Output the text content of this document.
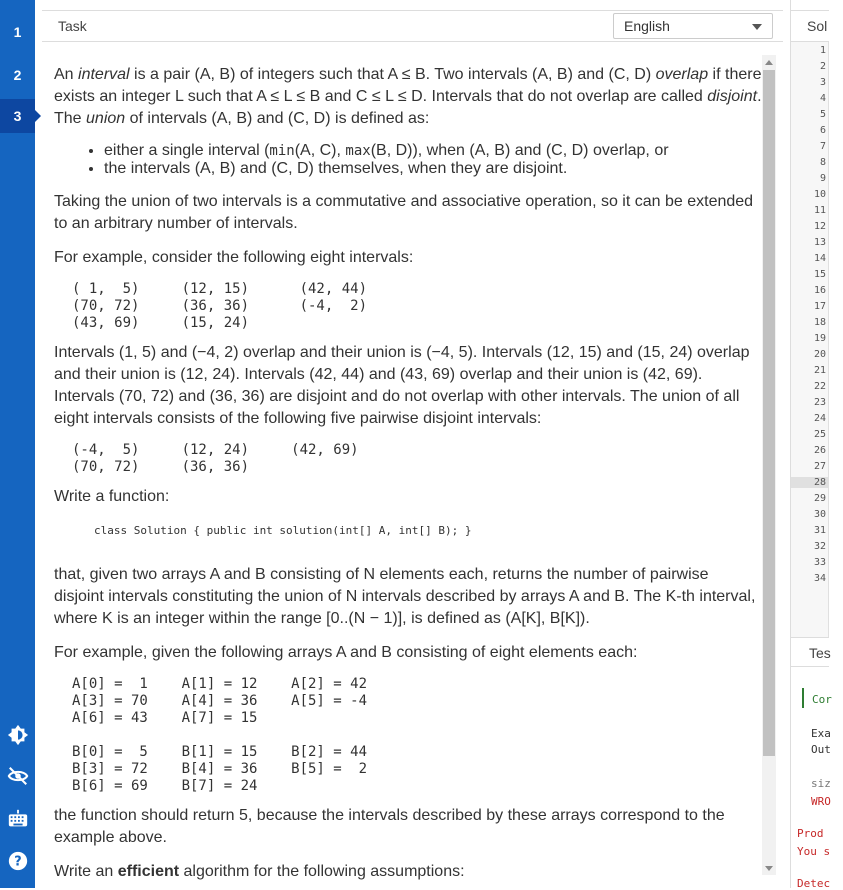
1
2
3
?
Task	English

An interval is a pair (A, B) of integers such that A ≤ B. Two intervals (A, B) and (C, D) overlap if there exists an integer L such that A ≤ L ≤ B and C ≤ L ≤ D. Intervals that do not overlap are called disjoint. The union of intervals (A, B) and (C, D) is defined as:

• either a single interval (min(A, C), max(B, D)), when (A, B) and (C, D) overlap, or
• the intervals (A, B) and (C, D) themselves, when they are disjoint.

Taking the union of two intervals is a commutative and associative operation, so it can be extended to an arbitrary number of intervals.

For example, consider the following eight intervals:

( 1,  5)     (12, 15)      (42, 44)
(70, 72)     (36, 36)      (-4,  2)
(43, 69)     (15, 24)

Intervals (1, 5) and (−4, 2) overlap and their union is (−4, 5). Intervals (12, 15) and (15, 24) overlap and their union is (12, 24). Intervals (42, 44) and (43, 69) overlap and their union is (42, 69). Intervals (70, 72) and (36, 36) are disjoint and do not overlap with other intervals. The union of all eight intervals consists of the following five pairwise disjoint intervals:

(-4,  5)     (12, 24)     (42, 69)
(70, 72)     (36, 36)

Write a function:

class Solution { public int solution(int[] A, int[] B); }

that, given two arrays A and B consisting of N elements each, returns the number of pairwise disjoint intervals constituting the union of N intervals described by arrays A and B. The K-th interval, where K is an integer within the range [0..(N − 1)], is defined as (A[K], B[K]).

For example, given the following arrays A and B consisting of eight elements each:

A[0] =  1    A[1] = 12    A[2] = 42
A[3] = 70    A[4] = 36    A[5] = -4
A[6] = 43    A[7] = 15

B[0] =  5    B[1] = 15    B[2] = 44
B[3] = 72    B[4] = 36    B[5] =  2
B[6] = 69    B[7] = 24

the function should return 5, because the intervals described by these arrays correspond to the example above.

Write an efficient algorithm for the following assumptions:

Sol
1
2
3
4
5
6
7
8
9
10
11
12
13
14
15
16
17
18
19
20
21
22
23
24
25
26
27
28
29
30
31
32
33
34
Tes
Cor
Exa
Out
siz
WRO
Prod
You s
Detec
